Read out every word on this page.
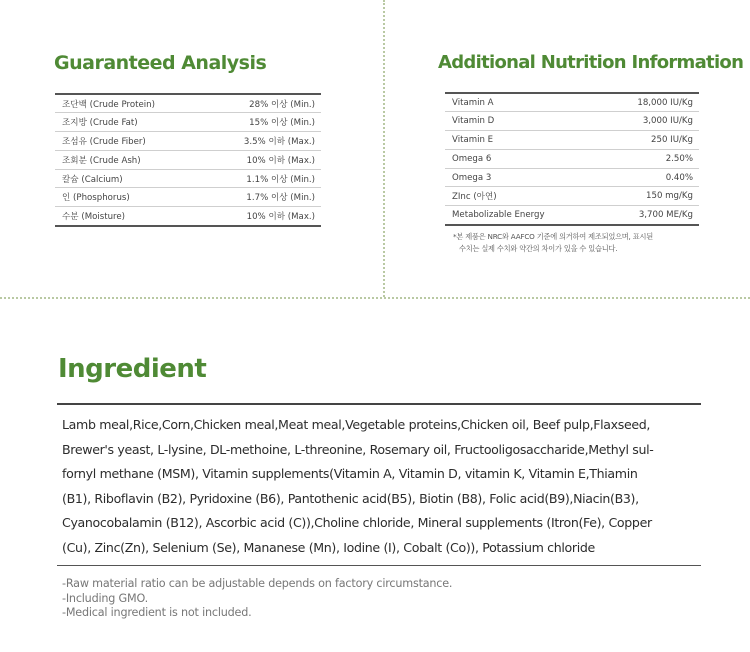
Guaranteed Analysis
조단백 (Crude Protein)	28% 이상 (Min.)
조지방 (Crude Fat)	15% 이상 (Min.)
조섬유 (Crude Fiber)	3.5% 이하 (Max.)
조회분 (Crude Ash)	10% 이하 (Max.)
칼슘 (Calcium)	1.1% 이상 (Min.)
인 (Phosphorus)	1.7% 이상 (Min.)
수분 (Moisture)	10% 이하 (Max.)
Additional Nutrition Information
Vitamin A	18,000 IU/Kg
Vitamin D	3,000 IU/Kg
Vitamin E	250 IU/Kg
Omega 6	2.50%
Omega 3	0.40%
ZInc (아연)	150 mg/Kg
Metabolizable Energy	3,700 ME/Kg
*본 제품은 NRC와 AAFCO 기준에 의거하여 제조되었으며, 표시된
수치는 실제 수치와 약간의 차이가 있을 수 있습니다.
Ingredient
Lamb meal,Rice,Corn,Chicken meal,Meat meal,Vegetable proteins,Chicken oil, Beef pulp,Flaxseed,
Brewer's yeast, L-lysine, DL-methoine, L-threonine, Rosemary oil, Fructooligosaccharide,Methyl sul-
fornyl methane (MSM), Vitamin supplements(Vitamin A, Vitamin D, vitamin K, Vitamin E,Thiamin
(B1), Riboflavin (B2), Pyridoxine (B6), Pantothenic acid(B5), Biotin (B8), Folic acid(B9),Niacin(B3),
Cyanocobalamin (B12), Ascorbic acid (C)),Choline chloride, Mineral supplements (Itron(Fe), Copper
(Cu), Zinc(Zn), Selenium (Se), Mananese (Mn), Iodine (I), Cobalt (Co)), Potassium chloride
-Raw material ratio can be adjustable depends on factory circumstance.
-Including GMO.
-Medical ingredient is not included.
